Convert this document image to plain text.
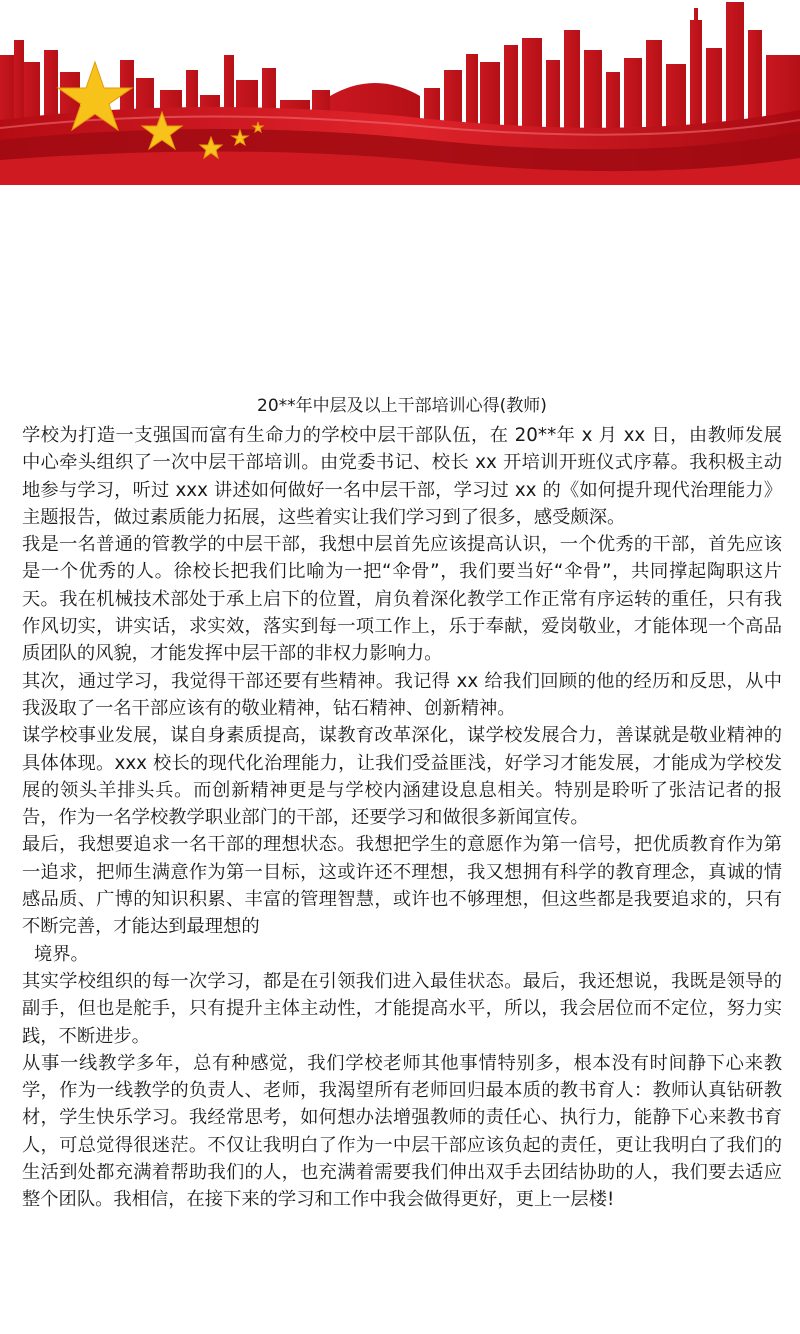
20**年中层及以上干部培训心得(教师)

学校为打造一支强国而富有生命力的学校中层干部队伍，在 20**年 x 月 xx 日，由教师发展中心牵头组织了一次中层干部培训。由党委书记、校长 xx 开培训开班仪式序幕。我积极主动地参与学习，听过 xxx 讲述如何做好一名中层干部，学习过 xx 的《如何提升现代治理能力》主题报告，做过素质能力拓展，这些着实让我们学习到了很多，感受颇深。

我是一名普通的管教学的中层干部，我想中层首先应该提高认识，一个优秀的干部，首先应该是一个优秀的人。徐校长把我们比喻为一把“伞骨”，我们要当好“伞骨”，共同撑起陶职这片天。我在机械技术部处于承上启下的位置，肩负着深化教学工作正常有序运转的重任，只有我作风切实，讲实话，求实效，落实到每一项工作上，乐于奉献，爱岗敬业，才能体现一个高品质团队的风貌，才能发挥中层干部的非权力影响力。

其次，通过学习，我觉得干部还要有些精神。我记得 xx 给我们回顾的他的经历和反思，从中我汲取了一名干部应该有的敬业精神，钻石精神、创新精神。

谋学校事业发展，谋自身素质提高，谋教育改革深化，谋学校发展合力，善谋就是敬业精神的具体体现。xxx 校长的现代化治理能力，让我们受益匪浅，好学习才能发展，才能成为学校发展的领头羊排头兵。而创新精神更是与学校内涵建设息息相关。特别是聆听了张洁记者的报告，作为一名学校教学职业部门的干部，还要学习和做很多新闻宣传。

最后，我想要追求一名干部的理想状态。我想把学生的意愿作为第一信号，把优质教育作为第一追求，把师生满意作为第一目标，这或许还不理想，我又想拥有科学的教育理念，真诚的情感品质、广博的知识积累、丰富的管理智慧，或许也不够理想，但这些都是我要追求的，只有不断完善，才能达到最理想的

境界。

其实学校组织的每一次学习，都是在引领我们进入最佳状态。最后，我还想说，我既是领导的副手，但也是舵手，只有提升主体主动性，才能提高水平，所以，我会居位而不定位，努力实践，不断进步。

从事一线教学多年，总有种感觉，我们学校老师其他事情特别多，根本没有时间静下心来教学，作为一线教学的负责人、老师，我渴望所有老师回归最本质的教书育人：教师认真钻研教材，学生快乐学习。我经常思考，如何想办法增强教师的责任心、执行力，能静下心来教书育人，可总觉得很迷茫。不仅让我明白了作为一中层干部应该负起的责任，更让我明白了我们的生活到处都充满着帮助我们的人，也充满着需要我们伸出双手去团结协助的人，我们要去适应整个团队。我相信，在接下来的学习和工作中我会做得更好，更上一层楼!
